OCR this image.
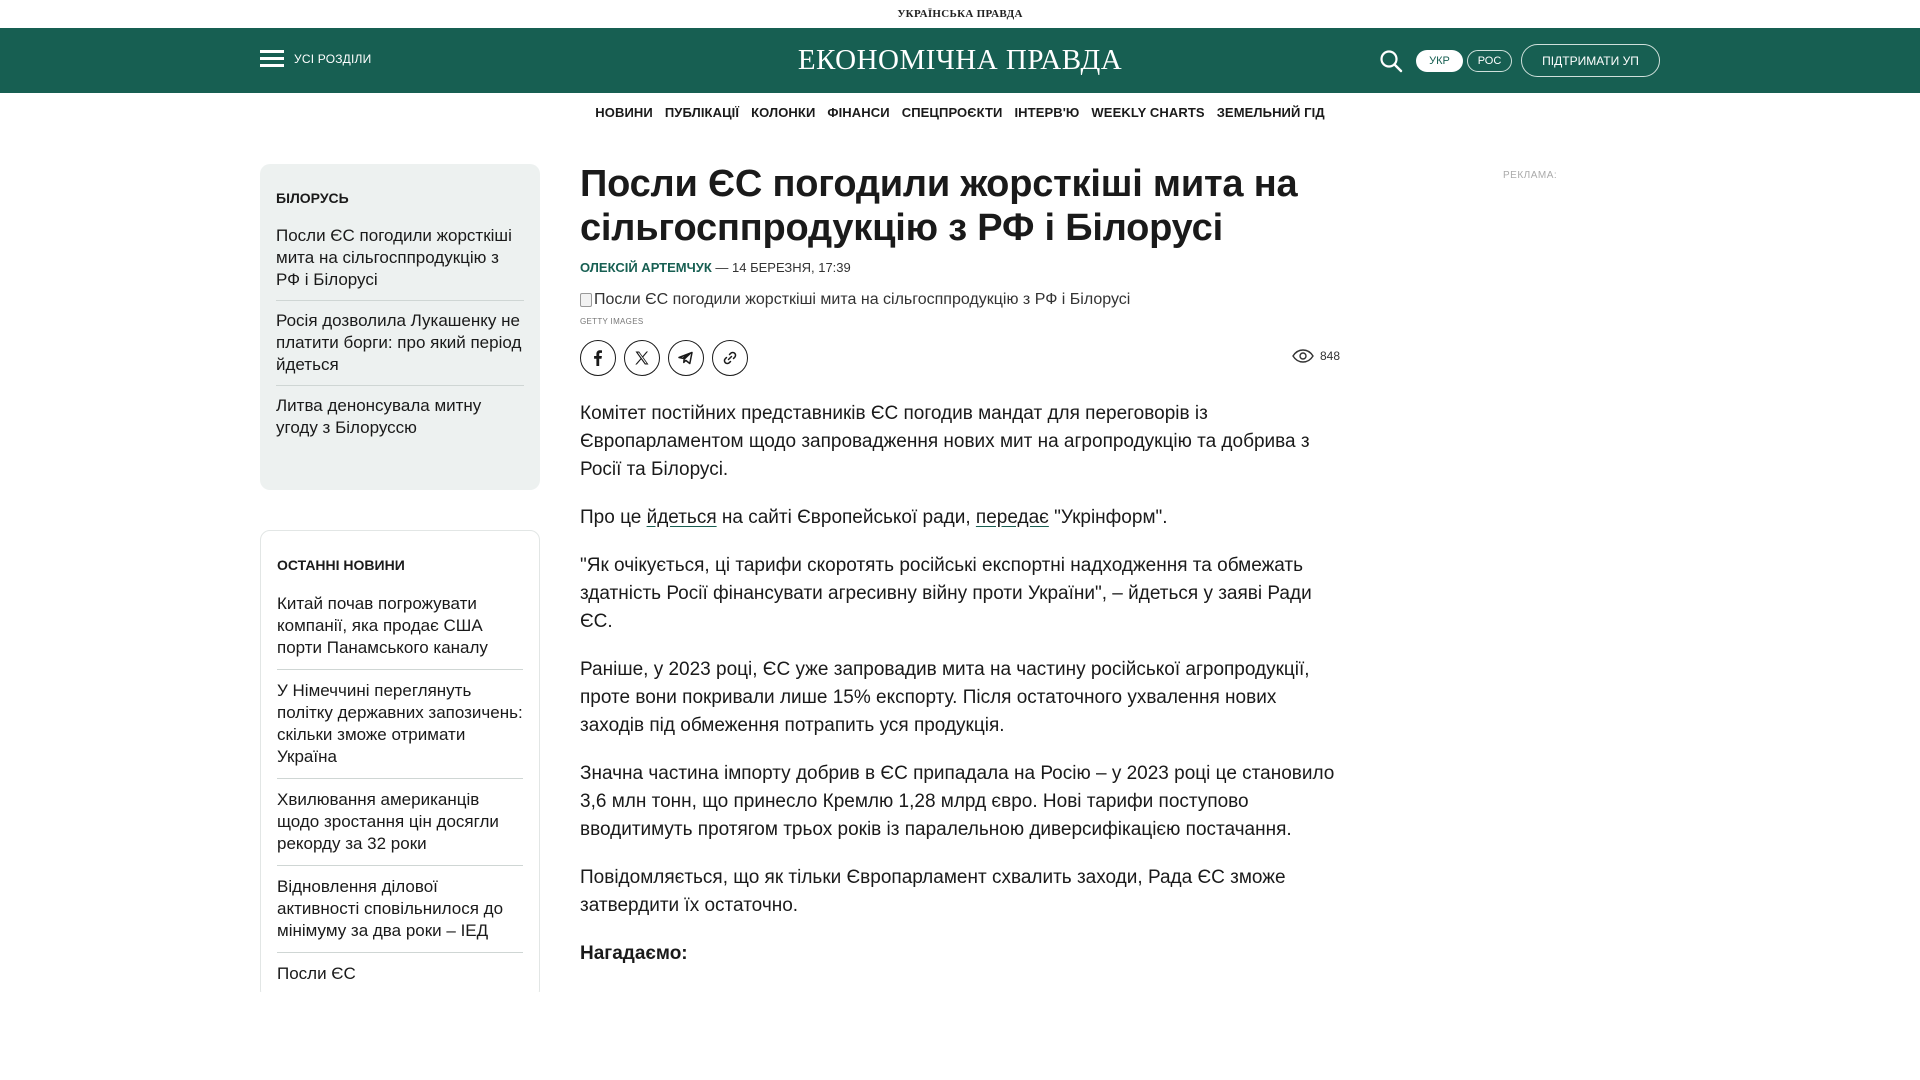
УКРАЇНСЬКА ПРАВДА
УСІ РОЗДІЛИ	ЕКОНОМІЧНА ПРАВДА	УКР	РОС	ПІДТРИМАТИ УП
НОВИНИ ПУБЛІКАЦІЇ КОЛОНКИ ФІНАНСИ СПЕЦПРОЄКТИ ІНТЕРВ'Ю WEEKLY CHARTS ЗЕМЕЛЬНИЙ ГІД
БІЛОРУСЬ
Посли ЄС погодили жорсткіші мита на сільгосппродукцію з РФ і Білорусі
Росія дозволила Лукашенку не платити борги: про який період йдеться
Литва денонсувала митну угоду з Білоруссю
ОСТАННІ НОВИНИ
Китай почав погрожувати компанії, яка продає США порти Панамського каналу
У Німеччині переглянуть політку державних запозичень: скільки зможе отримати Україна
Хвилювання американців щодо зростання цін досягли рекорду за 32 роки
Відновлення ділової активності сповільнилося до мінімуму за два роки – ІЕД
Посли ЄС
Посли ЄС погодили жорсткіші мита на сільгосппродукцію з РФ і Білорусі
ОЛЕКСІЙ АРТЕМЧУК — 14 БЕРЕЗНЯ, 17:39
Посли ЄС погодили жорсткіші мита на сільгосппродукцію з РФ і Білорусі
GETTY IMAGES
848

Комітет постійних представників ЄС погодив мандат для переговорів із Європарламентом щодо запровадження нових мит на агропродукцію та добрива з Росії та Білорусі.

Про це йдеться на сайті Європейської ради, передає "Укрінформ".

"Як очікується, ці тарифи скоротять російські експортні надходження та обмежать здатність Росії фінансувати агресивну війну проти України", – йдеться у заяві Ради ЄС.

Раніше, у 2023 році, ЄС уже запровадив мита на частину російської агропродукції, проте вони покривали лише 15% експорту. Після остаточного ухвалення нових заходів під обмеження потрапить уся продукція.

Значна частина імпорту добрив в ЄС припадала на Росію – у 2023 році це становило 3,6 млн тонн, що принесло Кремлю 1,28 млрд євро. Нові тарифи поступово вводитимуть протягом трьох років із паралельною диверсифікацією постачання.

Повідомляється, що як тільки Європарламент схвалить заходи, Рада ЄС зможе затвердити їх остаточно.

Нагадаємо:

РЕКЛАМА:
